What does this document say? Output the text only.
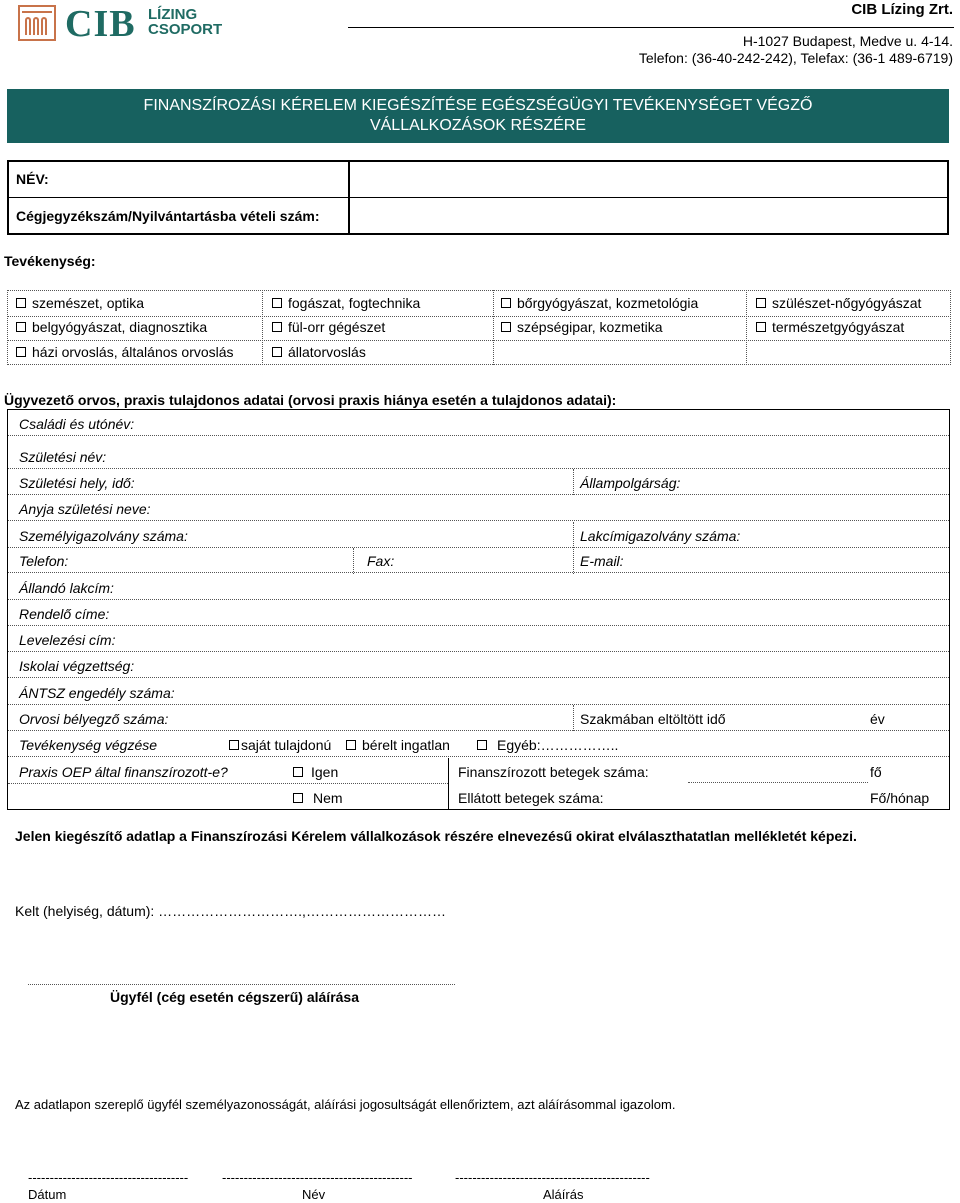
CIB LÍZING
CSOPORT
CIB Lízing Zrt.
H-1027 Budapest, Medve u. 4-14.
Telefon: (36-40-242-242), Telefax: (36-1 489-6719)
FINANSZÍROZÁSI KÉRELEM KIEGÉSZÍTÉSE EGÉSZSÉGÜGYI TEVÉKENYSÉGET VÉGZŐ
VÁLLALKOZÁSOK RÉSZÉRE
NÉV:
Cégjegyzékszám/Nyilvántartásba vételi szám:
Tevékenység:
szemészet, optika	fogászat, fogtechnika	bőrgyógyászat, kozmetológia	szülészet-nőgyógyászat
belgyógyászat, diagnosztika	fül-orr gégészet	szépségipar, kozmetika	természetgyógyászat
házi orvoslás, általános orvoslás	állatorvoslás
Ügyvezető orvos, praxis tulajdonos adatai (orvosi praxis hiánya esetén a tulajdonos adatai):
Családi és utónév:
Születési név:
Születési hely, idő:	Állampolgárság:
Anyja születési neve:
Személyigazolvány száma:	Lakcímigazolvány száma:
Telefon:	Fax:	E-mail:
Állandó lakcím:
Rendelő címe:
Levelezési cím:
Iskolai végzettség:
ÁNTSZ engedély száma:
Orvosi bélyegző száma:	Szakmában eltöltött idő	év
Tevékenység végzése	saját tulajdonú	bérelt ingatlan	Egyéb:……………..
Praxis OEP által finanszírozott-e?	Igen	Finanszírozott betegek száma:	fő
Nem	Ellátott betegek száma:	Fő/hónap
Jelen kiegészítő adatlap a Finanszírozási Kérelem vállalkozások részére elnevezésű okirat elválaszthatatlan mellékletét képezi.
Kelt (helyiség, dátum): ………………………….,…………………………
Ügyfél (cég esetén cégszerű) aláírása
Az adatlapon szereplő ügyfél személyazonosságát, aláírási jogosultságát ellenőriztem, azt aláírásommal igazolom.
-------------------------------------	--------------------------------------------	---------------------------------------------
Dátum	Név	Aláírás
